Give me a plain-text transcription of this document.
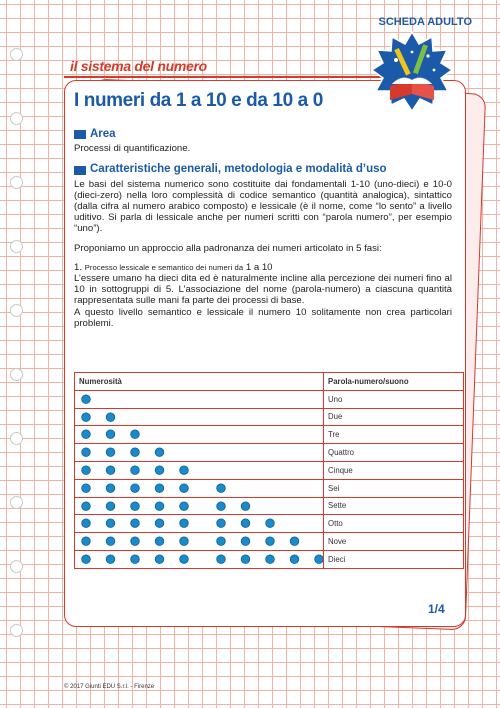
SCHEDA ADULTO
il sistema del numero
I numeri da 1 a 10 e da 10 a 0
Area

Processi di quantificazione.

Caratteristiche generali, metodologia e modalità d’uso

Le basi del sistema numerico sono costituite dai fondamentali 1-10 (uno-dieci) e 10-0 (dieci-zero) nella loro complessità di codice semantico (quantità analogica), sintattico (dalla cifra al numero arabico composto) e lessicale (è il nome, come “lo sento” a livello uditivo. Si parla di lessicale anche per numeri scritti con “parola numero”, per esempio “uno”).

Proponiamo un approccio alla padronanza dei numeri articolato in 5 fasi:

1. Processo lessicale e semantico dei numeri da 1 a 10

L’essere umano ha dieci dita ed è naturalmente incline alla percezione dei numeri fino al 10 in sottogruppi di 5. L’associazione del nome (parola-numero) a ciascuna quantità rappresentata sulle mani fa parte dei processi di base.

A questo livello semantico e lessicale il numero 10 solitamente non crea particolari problemi.

Numerosità	Parola-numero/suono

	Uno

	Due

	Tre

	Quattro

	Cinque

	Sei

	Sette

	Otto

	Nove

	Dieci
1/4
© 2017 Giunti EDU S.r.l. - Firenze
